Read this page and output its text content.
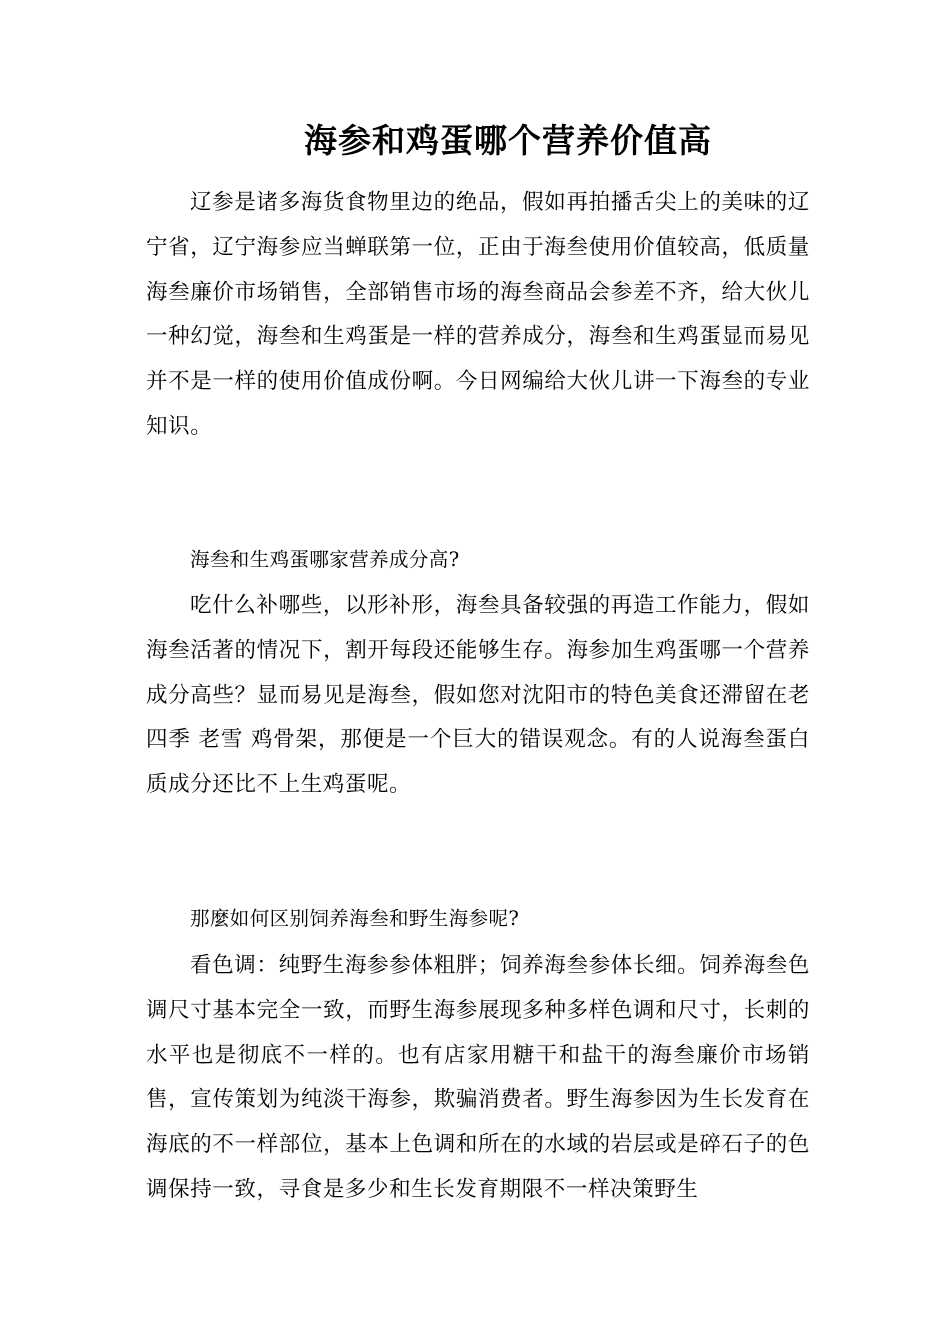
海参和鸡蛋哪个营养价值高

辽参是诸多海货食物里边的绝品，假如再拍播舌尖上的美味的辽宁省，辽宁海参应当蝉联第一位，正由于海叁使用价值较高，低质量海叁廉价市场销售，全部销售市场的海叁商品会参差不齐，给大伙儿一种幻觉，海叁和生鸡蛋是一样的营养成分，海叁和生鸡蛋显而易见并不是一样的使用价值成份啊。今日网编给大伙儿讲一下海叁的专业知识。

海叁和生鸡蛋哪家营养成分高?

吃什么补哪些，以形补形，海叁具备较强的再造工作能力，假如海叁活著的情况下，割开每段还能够生存。海参加生鸡蛋哪一个营养成分高些？显而易见是海叁，假如您对沈阳市的特色美食还滞留在老四季 老雪 鸡骨架，那便是一个巨大的错误观念。有的人说海叁蛋白质成分还比不上生鸡蛋呢。

那麼如何区别饲养海叁和野生海参呢?

看色调：纯野生海参参体粗胖；饲养海叁参体长细。饲养海叁色调尺寸基本完全一致，而野生海参展现多种多样色调和尺寸，长刺的水平也是彻底不一样的。也有店家用糖干和盐干的海叁廉价市场销售，宣传策划为纯淡干海参，欺骗消费者。野生海参因为生长发育在海底的不一样部位，基本上色调和所在的水域的岩层或是碎石子的色调保持一致，寻食是多少和生长发育期限不一样决策野生
